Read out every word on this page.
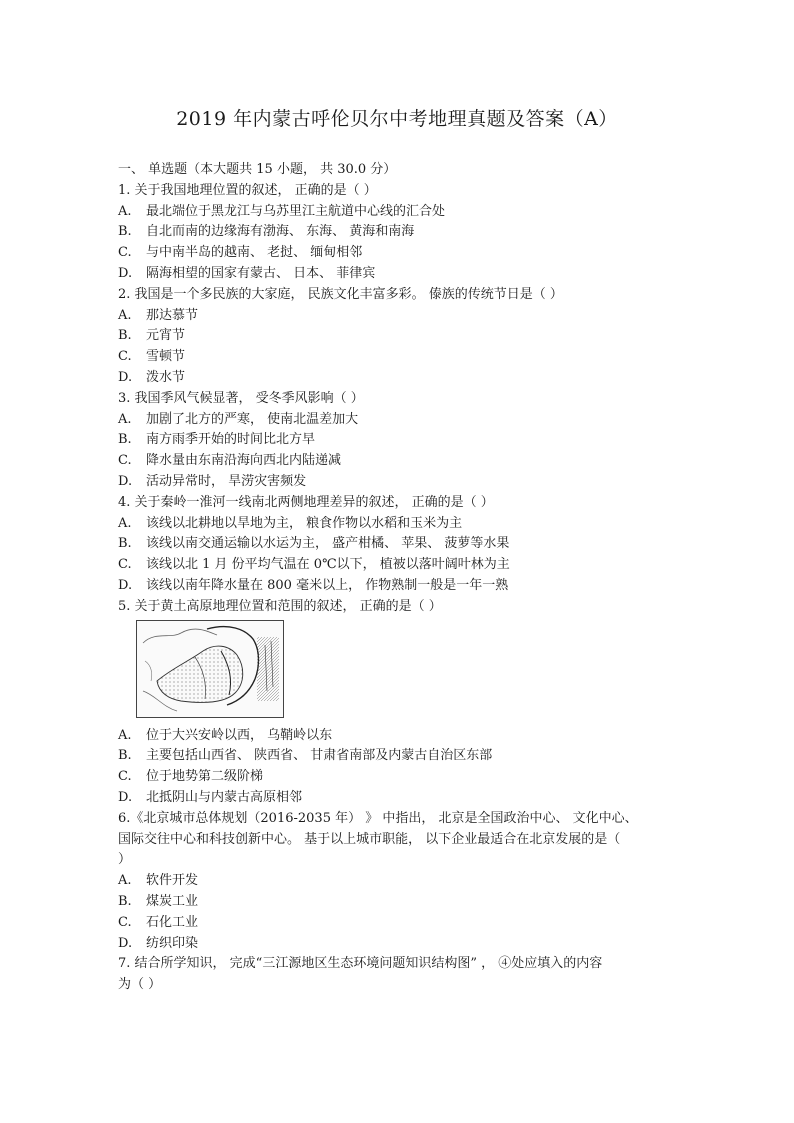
2019 年内蒙古呼伦贝尔中考地理真题及答案（A）
一、 单选题（本大题共 15 小题， 共 30.0 分）
1. 关于我国地理位置的叙述， 正确的是（ ）
A.	最北端位于黑龙江与乌苏里江主航道中心线的汇合处
B.	自北而南的边缘海有渤海、 东海、 黄海和南海
C.	与中南半岛的越南、 老挝、 缅甸相邻
D.	隔海相望的国家有蒙古、 日本、 菲律宾
2. 我国是一个多民族的大家庭， 民族文化丰富多彩。 傣族的传统节日是（ ）
A.	那达慕节
B.	元宵节
C.	雪顿节
D.	泼水节
3. 我国季风气候显著， 受冬季风影响（ ）
A.	加剧了北方的严寒， 使南北温差加大
B.	南方雨季开始的时间比北方早
C.	降水量由东南沿海向西北内陆递减
D.	活动异常时， 旱涝灾害频发
4. 关于秦岭一淮河一线南北两侧地理差异的叙述， 正确的是（ ）
A.	该线以北耕地以旱地为主， 粮食作物以水稻和玉米为主
B.	该线以南交通运输以水运为主， 盛产柑橘、 苹果、 菠萝等水果
C.	该线以北 1 月 份平均气温在 0℃以下， 植被以落叶阔叶林为主
D.	该线以南年降水量在 800 毫米以上， 作物熟制一般是一年一熟
5. 关于黄土高原地理位置和范围的叙述， 正确的是（ ）
A.	位于大兴安岭以西， 乌鞘岭以东
B.	主要包括山西省、 陕西省、 甘肃省南部及内蒙古自治区东部
C.	位于地势第二级阶梯
D.	北抵阴山与内蒙古高原相邻
6.《北京城市总体规划（2016-2035 年） 》 中指出， 北京是全国政治中心、 文化中心、
国际交往中心和科技创新中心。 基于以上城市职能， 以下企业最适合在北京发展的是（
）
A.	软件开发
B.	煤炭工业
C.	石化工业
D.	纺织印染
7. 结合所学知识， 完成“三江源地区生态环境问题知识结构图” ， ④处应填入的内容
为（ ）
